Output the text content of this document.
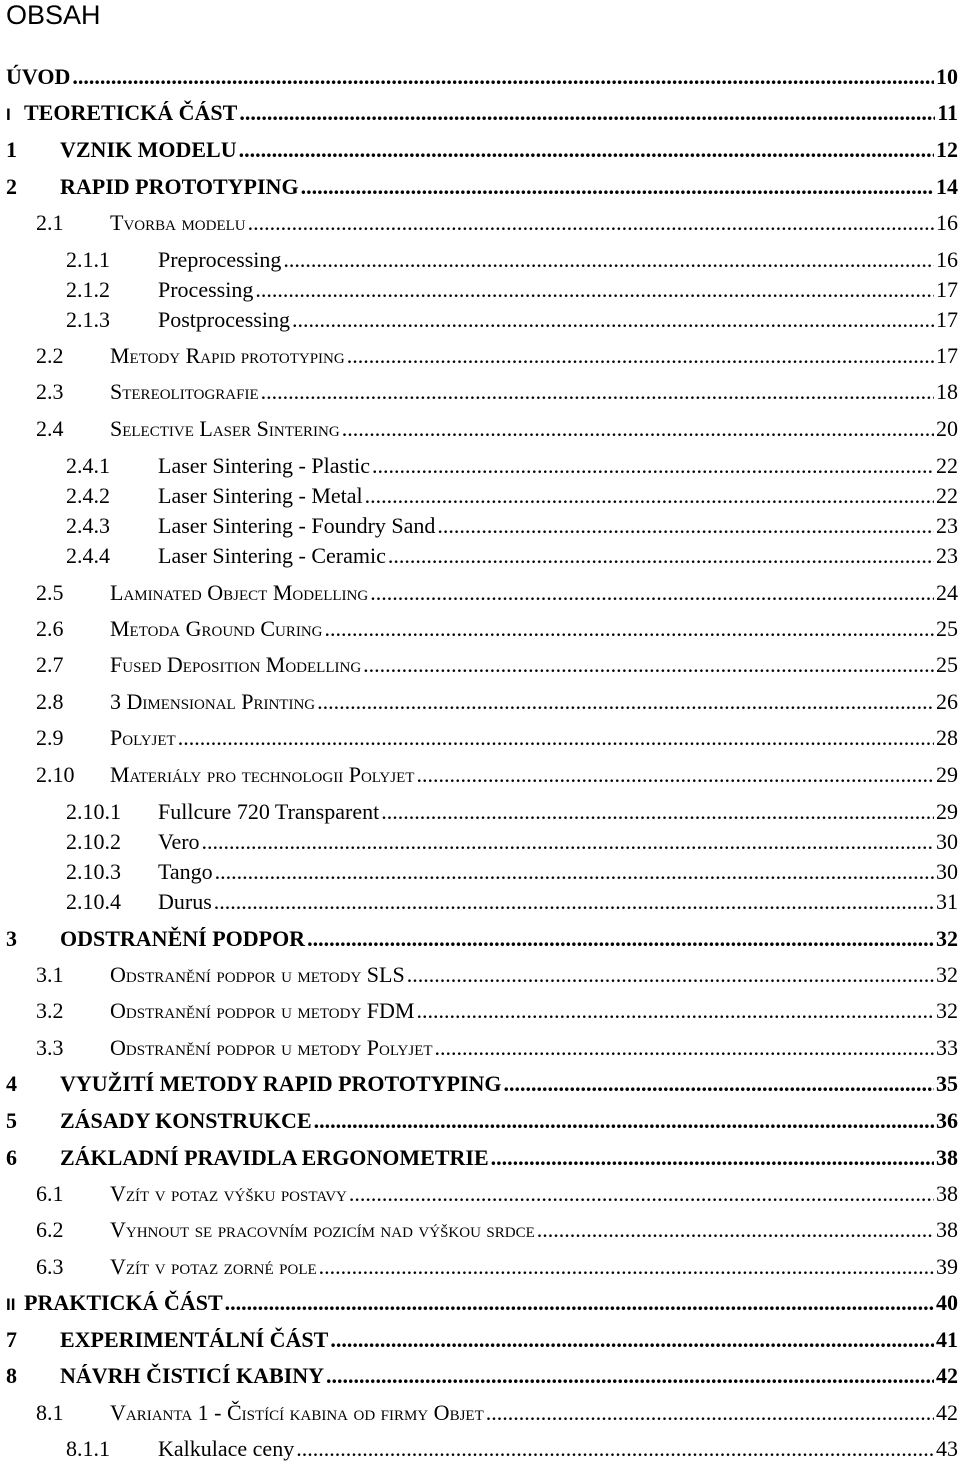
OBSAH
ÚVOD .....	10
I TEORETICKÁ ČÁST .....	11
1	VZNIK MODELU .....	12
2	RAPID PROTOTYPING .....	14
2.1	Tvorba modelu .....	16
2.1.1	Preprocessing .....	16
2.1.2	Processing .....	17
2.1.3	Postprocessing .....	17
2.2	Metody Rapid prototyping .....	17
2.3	Stereolitografie .....	18
2.4	Selective Laser Sintering .....	20
2.4.1	Laser Sintering - Plastic .....	22
2.4.2	Laser Sintering - Metal .....	22
2.4.3	Laser Sintering - Foundry Sand .....	23
2.4.4	Laser Sintering - Ceramic .....	23
2.5	Laminated Object Modelling .....	24
2.6	Metoda Ground Curing .....	25
2.7	Fused Deposition Modelling .....	25
2.8	3 Dimensional Printing .....	26
2.9	Polyjet .....	28
2.10	Materiály pro technologii Polyjet .....	29
2.10.1	Fullcure 720 Transparent .....	29
2.10.2	Vero .....	30
2.10.3	Tango .....	30
2.10.4	Durus .....	31
3	ODSTRANĚNÍ PODPOR .....	32
3.1	Odstranění podpor u metody SLS .....	32
3.2	Odstranění podpor u metody FDM .....	32
3.3	Odstranění podpor u metody Polyjet .....	33
4	VYUŽITÍ METODY RAPID PROTOTYPING .....	35
5	ZÁSADY KONSTRUKCE .....	36
6	ZÁKLADNÍ PRAVIDLA ERGONOMETRIE .....	38
6.1	Vzít v potaz výšku postavy .....	38
6.2	Vyhnout se pracovním pozicím nad výškou srdce .....	38
6.3	Vzít v potaz zorné pole .....	39
II PRAKTICKÁ ČÁST .....	40
7	EXPERIMENTÁLNÍ ČÁST .....	41
8	NÁVRH ČISTICÍ KABINY .....	42
8.1	Varianta 1 - Čistící kabina od firmy Objet .....	42
8.1.1	Kalkulace ceny .....	43
